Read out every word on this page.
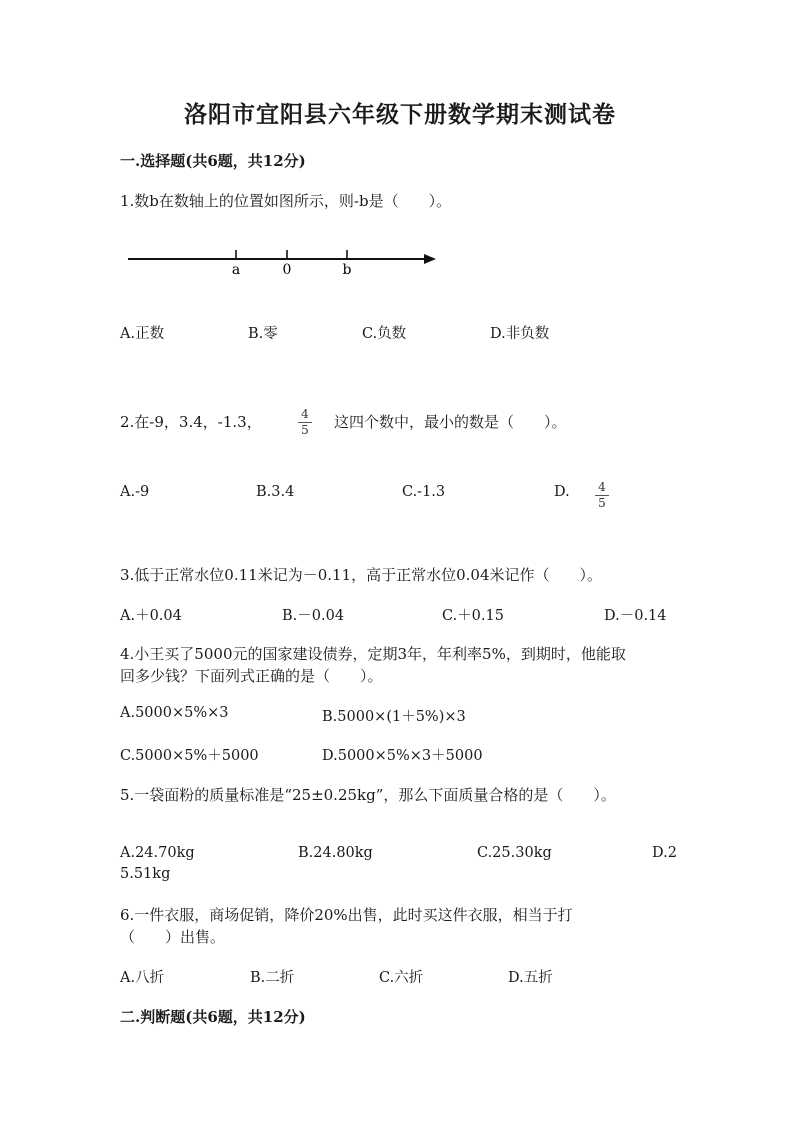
洛阳市宜阳县六年级下册数学期末测试卷
一.选择题(共6题，共12分)
1.数b在数轴上的位置如图所示，则-b是（　　）。
a	0	b
A.正数	B.零	C.负数	D.非负数
2.在-9，3.4，-1.3，	4
5 这四个数中，最小的数是（　　）。
A.-9	B.3.4	C.-1.3	D. 4
5
3.低于正常水位0.11米记为－0.11，高于正常水位0.04米记作（　　）。
A.＋0.04	B.－0.04	C.＋0.15	D.－0.14
4.小王买了5000元的国家建设债券，定期3年，年利率5%，到期时，他能取
回多少钱？下面列式正确的是（　　）。
A.5000×5%×3	B.5000×(1＋5%)×3
C.5000×5%＋5000	D.5000×5%×3＋5000
5.一袋面粉的质量标准是“25±0.25kg”，那么下面质量合格的是（　　）。
A.24.70kg	B.24.80kg	C.25.30kg	D.2
5.51kg
6.一件衣服，商场促销，降价20%出售，此时买这件衣服，相当于打
（　　）出售。
A.八折	B.二折	C.六折	D.五折
二.判断题(共6题，共12分)
